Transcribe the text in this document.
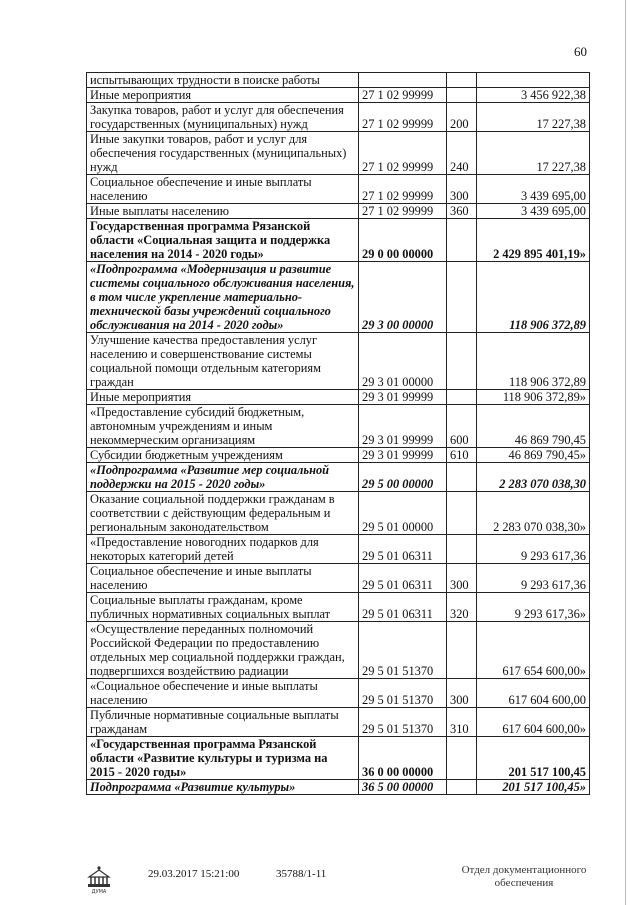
60
испытывающих трудности в поиске работы			
Иные мероприятия	27 1 02 99999		3 456 922,38
Закупка товаров, работ и услуг для обеспечения государственных (муниципальных) нужд	27 1 02 99999	200	17 227,38
Иные закупки товаров, работ и услуг для обеспечения государственных (муниципальных) нужд	27 1 02 99999	240	17 227,38
Социальное обеспечение и иные выплаты населению	27 1 02 99999	300	3 439 695,00
Иные выплаты населению	27 1 02 99999	360	3 439 695,00
Государственная программа Рязанской области «Социальная защита и поддержка населения на 2014 - 2020 годы»	29 0 00 00000		2 429 895 401,19»
«Подпрограмма «Модернизация и развитие системы социального обслуживания населения, в том числе укрепление материально-технической базы учреждений социального обслуживания на 2014 - 2020 годы»	29 3 00 00000		118 906 372,89
Улучшение качества предоставления услуг населению и совершенствование системы социальной помощи отдельным категориям граждан	29 3 01 00000		118 906 372,89
Иные мероприятия	29 3 01 99999		118 906 372,89»
«Предоставление субсидий бюджетным, автономным учреждениям и иным некоммерческим организациям	29 3 01 99999	600	46 869 790,45
Субсидии бюджетным учреждениям	29 3 01 99999	610	46 869 790,45»
«Подпрограмма «Развитие мер социальной поддержки на 2015 - 2020 годы»	29 5 00 00000		2 283 070 038,30
Оказание социальной поддержки гражданам в соответствии с действующим федеральным и региональным законодательством	29 5 01 00000		2 283 070 038,30»
«Предоставление новогодних подарков для некоторых категорий детей	29 5 01 06311		9 293 617,36
Социальное обеспечение и иные выплаты населению	29 5 01 06311	300	9 293 617,36
Социальные выплаты гражданам, кроме публичных нормативных социальных выплат	29 5 01 06311	320	9 293 617,36»
«Осуществление переданных полномочий Российской Федерации по предоставлению отдельных мер социальной поддержки граждан, подвергшихся воздействию радиации	29 5 01 51370		617 654 600,00»
«Социальное обеспечение и иные выплаты населению	29 5 01 51370	300	617 604 600,00
Публичные нормативные социальные выплаты гражданам	29 5 01 51370	310	617 604 600,00»
«Государственная программа Рязанской области «Развитие культуры и туризма на 2015 - 2020 годы»	36 0 00 00000		201 517 100,45
Подпрограмма «Развитие культуры»	36 5 00 00000		201 517 100,45»
ДУМА
29.03.2017 15:21:00	35788/1-11	Отдел документационного
обеспечения
